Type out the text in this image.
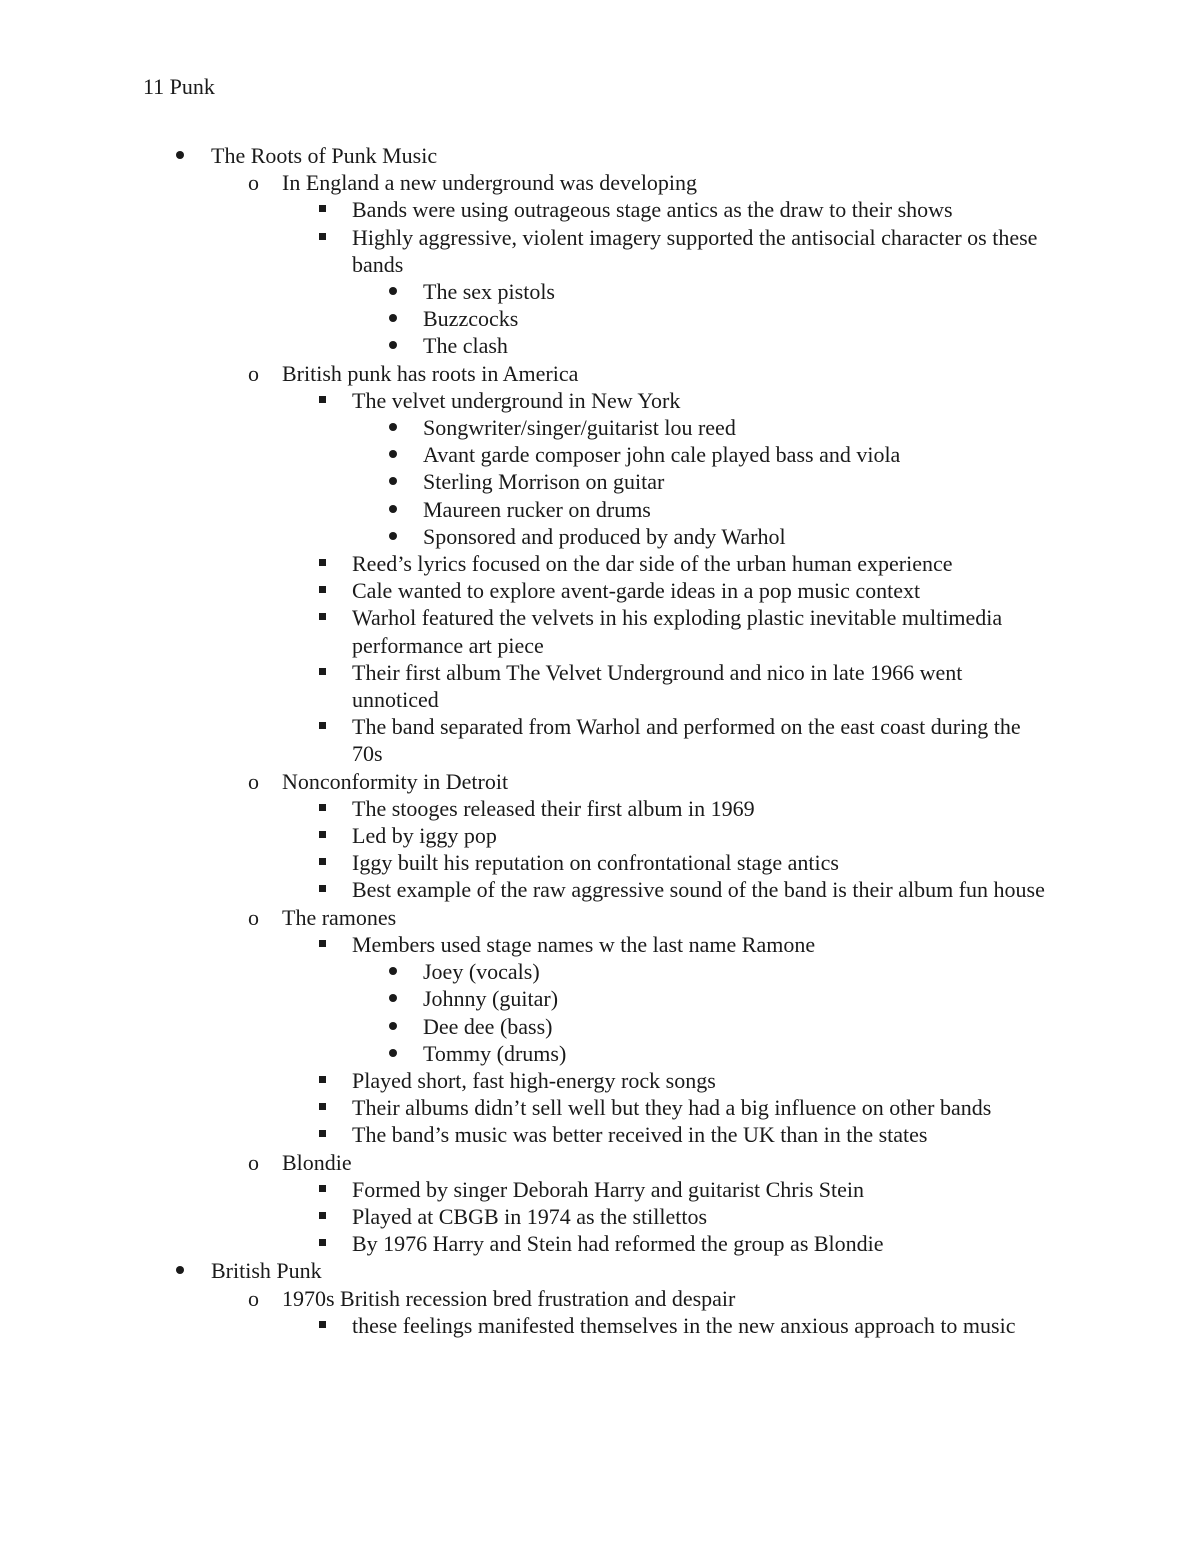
11 Punk
The Roots of Punk Music
o In England a new underground was developing
Bands were using outrageous stage antics as the draw to their shows
Highly aggressive, violent imagery supported the antisocial character os these bands
The sex pistols
Buzzcocks
The clash
o British punk has roots in America
The velvet underground in New York
Songwriter/singer/guitarist lou reed
Avant garde composer john cale played bass and viola
Sterling Morrison on guitar
Maureen rucker on drums
Sponsored and produced by andy Warhol
Reed’s lyrics focused on the dar side of the urban human experience
Cale wanted to explore avent-garde ideas in a pop music context
Warhol featured the velvets in his exploding plastic inevitable multimedia performance art piece
Their first album The Velvet Underground and nico in late 1966 went unnoticed
The band separated from Warhol and performed on the east coast during the 70s
o Nonconformity in Detroit
The stooges released their first album in 1969
Led by iggy pop
Iggy built his reputation on confrontational stage antics
Best example of the raw aggressive sound of the band is their album fun house
o The ramones
Members used stage names w the last name Ramone
Joey (vocals)
Johnny (guitar)
Dee dee (bass)
Tommy (drums)
Played short, fast high-energy rock songs
Their albums didn’t sell well but they had a big influence on other bands
The band’s music was better received in the UK than in the states
o Blondie
Formed by singer Deborah Harry and guitarist Chris Stein
Played at CBGB in 1974 as the stillettos
By 1976 Harry and Stein had reformed the group as Blondie
British Punk
o 1970s British recession bred frustration and despair
these feelings manifested themselves in the new anxious approach to music
